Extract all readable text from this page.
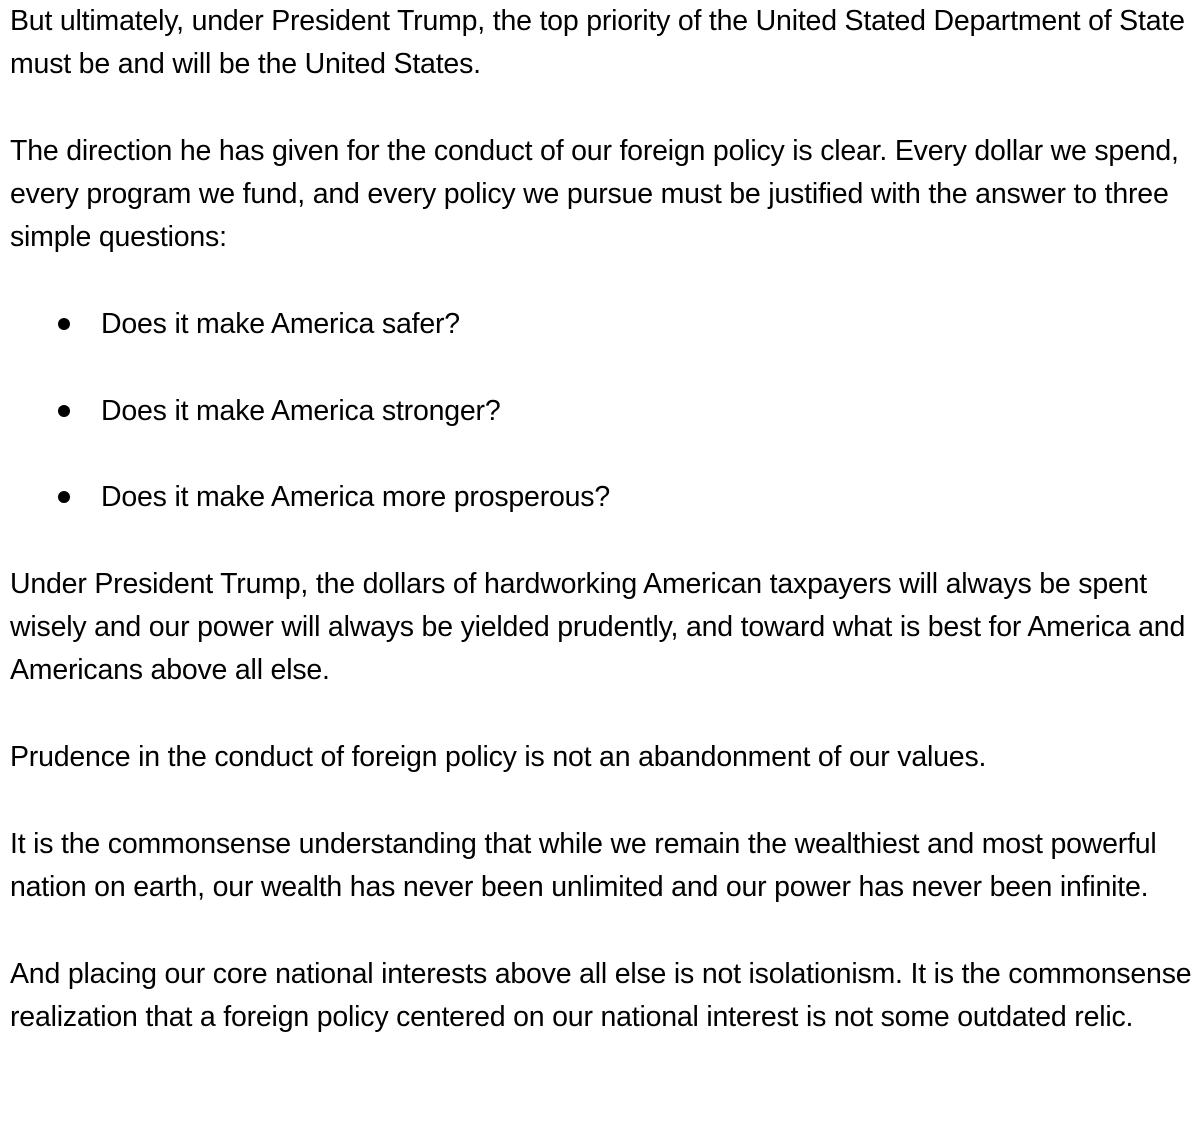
But ultimately, under President Trump, the top priority of the United Stated Department of State must be and will be the United States.

The direction he has given for the conduct of our foreign policy is clear. Every dollar we spend, every program we fund, and every policy we pursue must be justified with the answer to three simple questions:

Does it make America safer?
Does it make America stronger?
Does it make America more prosperous?

Under President Trump, the dollars of hardworking American taxpayers will always be spent wisely and our power will always be yielded prudently, and toward what is best for America and Americans above all else.

Prudence in the conduct of foreign policy is not an abandonment of our values.

It is the commonsense understanding that while we remain the wealthiest and most powerful nation on earth, our wealth has never been unlimited and our power has never been infinite.

And placing our core national interests above all else is not isolationism. It is the commonsense realization that a foreign policy centered on our national interest is not some outdated relic.
